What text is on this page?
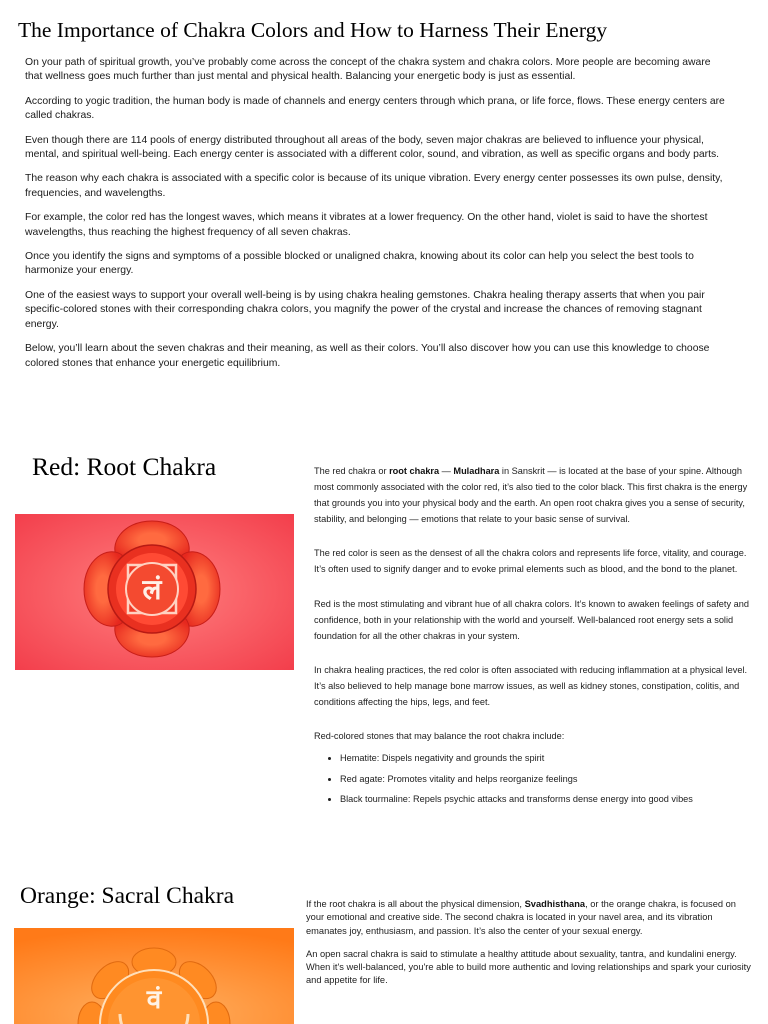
The Importance of Chakra Colors and How to Harness Their Energy

On your path of spiritual growth, you’ve probably come across the concept of the chakra system and chakra colors. More people are becoming aware that wellness goes much further than just mental and physical health. Balancing your energetic body is just as essential.

According to yogic tradition, the human body is made of channels and energy centers through which prana, or life force, flows. These energy centers are called chakras.

Even though there are 114 pools of energy distributed throughout all areas of the body, seven major chakras are believed to influence your physical, mental, and spiritual well-being. Each energy center is associated with a different color, sound, and vibration, as well as specific organs and body parts.

The reason why each chakra is associated with a specific color is because of its unique vibration. Every energy center possesses its own pulse, density, frequencies, and wavelengths.

For example, the color red has the longest waves, which means it vibrates at a lower frequency. On the other hand, violet is said to have the shortest wavelengths, thus reaching the highest frequency of all seven chakras.

Once you identify the signs and symptoms of a possible blocked or unaligned chakra, knowing about its color can help you select the best tools to harmonize your energy.

One of the easiest ways to support your overall well-being is by using chakra healing gemstones. Chakra healing therapy asserts that when you pair specific-colored stones with their corresponding chakra colors, you magnify the power of the crystal and increase the chances of removing stagnant energy.

Below, you’ll learn about the seven chakras and their meaning, as well as their colors. You’ll also discover how you can use this knowledge to choose colored stones that enhance your energetic equilibrium.

Red: Root Chakra
लं

The red chakra or root chakra — Muladhara in Sanskrit — is located at the base of your spine. Although most commonly associated with the color red, it’s also tied to the color black. This first chakra is the energy that grounds you into your physical body and the earth. An open root chakra gives you a sense of security, stability, and belonging — emotions that relate to your basic sense of survival.

The red color is seen as the densest of all the chakra colors and represents life force, vitality, and courage. It’s often used to signify danger and to evoke primal elements such as blood, and the bond to the planet.

Red is the most stimulating and vibrant hue of all chakra colors. It’s known to awaken feelings of safety and confidence, both in your relationship with the world and yourself. Well-balanced root energy sets a solid foundation for all the other chakras in your system.

In chakra healing practices, the red color is often associated with reducing inflammation at a physical level. It’s also believed to help manage bone marrow issues, as well as kidney stones, constipation, colitis, and conditions affecting the hips, legs, and feet.

Red-colored stones that may balance the root chakra include:

• Hematite: Dispels negativity and grounds the spirit
• Red agate: Promotes vitality and helps reorganize feelings
• Black tourmaline: Repels psychic attacks and transforms dense energy into good vibes
Orange: Sacral Chakra
वं

If the root chakra is all about the physical dimension, Svadhisthana, or the orange chakra, is focused on your emotional and creative side. The second chakra is located in your navel area, and its vibration emanates joy, enthusiasm, and passion. It’s also the center of your sexual energy.

An open sacral chakra is said to stimulate a healthy attitude about sexuality, tantra, and kundalini energy. When it's well-balanced, you're able to build more authentic and loving relationships and spark your curiosity and appetite for life.
